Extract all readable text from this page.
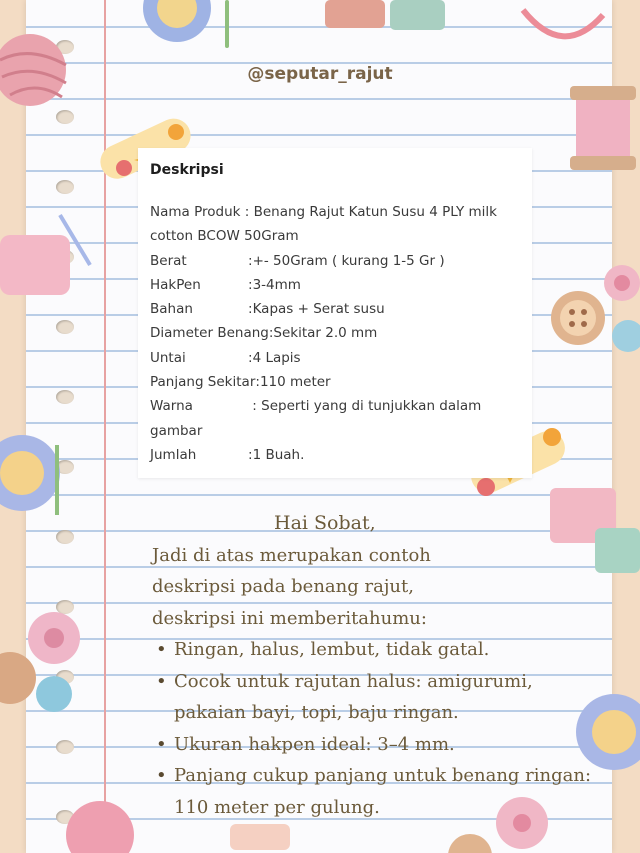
@seputar_rajut
Deskripsi
Nama Produk : Benang Rajut Katun Susu 4 PLY milk cotton BCOW 50Gram
Berat	: +- 50Gram ( kurang 1-5 Gr )
HakPen	: 3-4mm
Bahan	: Kapas + Serat susu
Diameter Benang : Sekitar 2.0 mm
Untai	: 4 Lapis
Panjang Sekitar : 110 meter
Warna	: Seperti yang di tunjukkan dalam gambar
Jumlah	: 1 Buah.
Hai Sobat,
Jadi di atas merupakan contoh
deskripsi pada benang rajut,
deskripsi ini memberitahumu:
• Ringan, halus, lembut, tidak gatal.
• Cocok untuk rajutan halus: amigurumi, pakaian bayi, topi, baju ringan.
• Ukuran hakpen ideal: 3–4 mm.
• Panjang cukup panjang untuk benang ringan: 110 meter per gulung.
